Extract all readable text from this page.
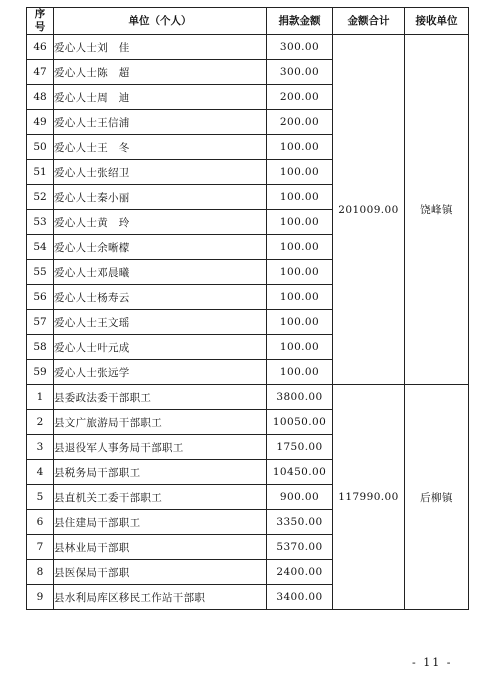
序
号	单位（个人）	捐款金额	金额合计	接收单位
46	爱心人士刘　佳	300.00	201009.00	饶峰镇
47	爱心人士陈　超	300.00		
48	爱心人士周　迪	200.00		
49	爱心人士王信浦	200.00		
50	爱心人士王　冬	100.00		
51	爱心人士张绍卫	100.00		
52	爱心人士秦小丽	100.00		
53	爱心人士黄　玲	100.00		
54	爱心人士余晰檬	100.00		
55	爱心人士邓晨曦	100.00		
56	爱心人士杨寿云	100.00		
57	爱心人士王文瑶	100.00		
58	爱心人士叶元成	100.00		
59	爱心人士张远学	100.00		
1	县委政法委干部职工	3800.00	117990.00	后柳镇
2	县文广旅游局干部职工	10050.00		
3	县退役军人事务局干部职工	1750.00		
4	县税务局干部职工	10450.00		
5	县直机关工委干部职工	900.00		
6	县住建局干部职工	3350.00		
7	县林业局干部职	5370.00		
8	县医保局干部职	2400.00		
9	县水利局库区移民工作站干部职	3400.00		
- 11 -
